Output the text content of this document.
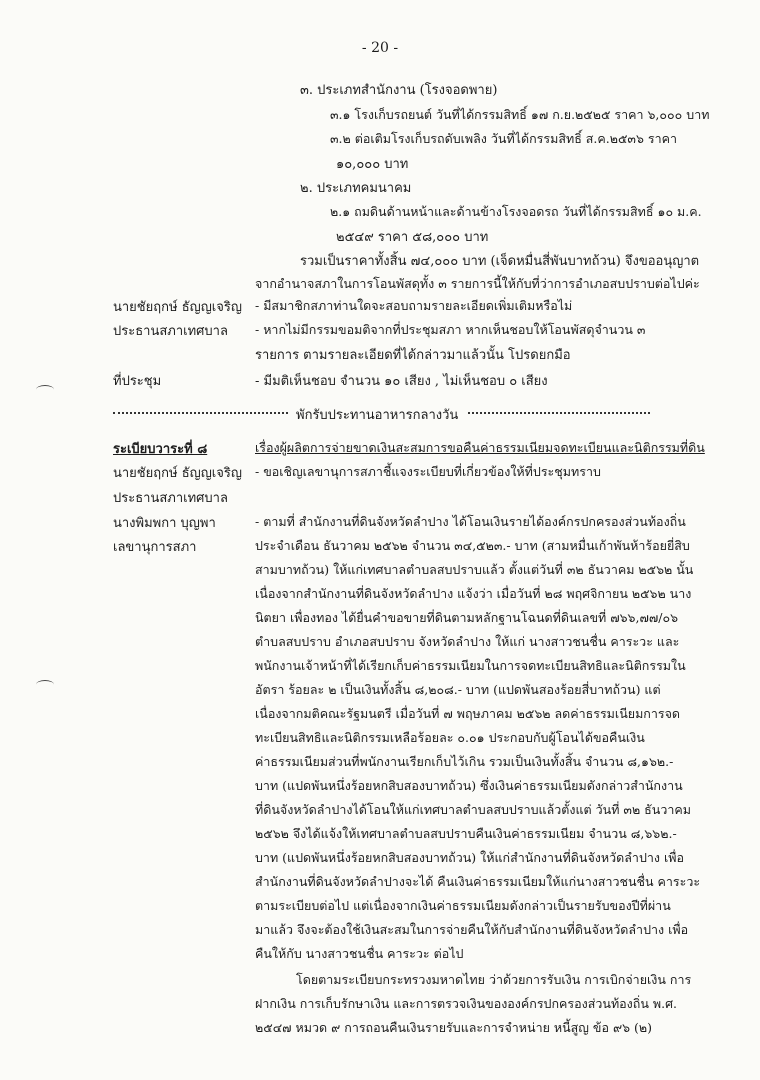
- 20 -
๓. ประเภทสำนักงาน (โรงจอดพาย)
๓.๑ โรงเก็บรถยนต์ วันที่ได้กรรมสิทธิ์ ๑๗ ก.ย.๒๕๒๕ ราคา ๖,๐๐๐ บาท
๓.๒ ต่อเติมโรงเก็บรถดับเพลิง วันที่ได้กรรมสิทธิ์ ส.ค.๒๕๓๖ ราคา
๑๐,๐๐๐ บาท
๒. ประเภทคมนาคม
๒.๑ ถมดินด้านหน้าและด้านข้างโรงจอดรถ วันที่ได้กรรมสิทธิ์ ๑๐ ม.ค.
๒๕๔๙ ราคา ๕๘,๐๐๐ บาท
รวมเป็นราคาทั้งสิ้น ๗๔,๐๐๐ บาท (เจ็ดหมื่นสี่พันบาทถ้วน) จึงขออนุญาต
จากอำนาจสภาในการโอนพัสดุทั้ง ๓ รายการนี้ให้กับที่ว่าการอำเภอสบปราบต่อไปค่ะ
นายชัยฤกษ์ ธัญญเจริญ - มีสมาชิกสภาท่านใดจะสอบถามรายละเอียดเพิ่มเติมหรือไม่
ประธานสภาเทศบาล - หากไม่มีกรรมขอมติจากที่ประชุมสภา หากเห็นชอบให้โอนพัสดุจำนวน ๓
รายการ ตามรายละเอียดที่ได้กล่าวมาแล้วนั้น โปรดยกมือ
ที่ประชุม	- มีมติเห็นชอบ จำนวน ๑๐ เสียง , ไม่เห็นชอบ ๐ เสียง
พักรับประทานอาหารกลางวัน
ระเบียบวาระที่ ๘	เรื่องผู้ผลิตการจ่ายขาดเงินสะสมการขอคืนค่าธรรมเนียมจดทะเบียนและนิติกรรมที่ดิน
นายชัยฤกษ์ ธัญญเจริญ - ขอเชิญเลขานุการสภาชี้แจงระเบียบที่เกี่ยวข้องให้ที่ประชุมทราบ
ประธานสภาเทศบาล
นางพิมพกา บุญพา
เลขานุการสภา
- ตามที่ สำนักงานที่ดินจังหวัดลำปาง ได้โอนเงินรายได้องค์กรปกครองส่วนท้องถิ่น
ประจำเดือน ธันวาคม ๒๕๖๒ จำนวน ๓๔,๕๒๓.- บาท (สามหมื่นเก้าพันห้าร้อยยี่สิบ
สามบาทถ้วน) ให้แก่เทศบาลตำบลสบปราบแล้ว ตั้งแต่วันที่ ๓๒ ธันวาคม ๒๕๖๒ นั้น
เนื่องจากสำนักงานที่ดินจังหวัดลำปาง แจ้งว่า เมื่อวันที่ ๒๘ พฤศจิกายน ๒๕๖๒ นาง
นิตยา เพื่องทอง ได้ยื่นคำขอขายที่ดินตามหลักฐานโฉนดที่ดินเลขที่ ๗๖๖,๗๗/๐๖
ตำบลสบปราบ อำเภอสบปราบ จังหวัดลำปาง ให้แก่ นางสาวชนชื่น คาระวะ และ
พนักงานเจ้าหน้าที่ได้เรียกเก็บค่าธรรมเนียมในการจดทะเบียนสิทธิและนิติกรรมใน
อัตรา ร้อยละ ๒ เป็นเงินทั้งสิ้น ๘,๒๐๘.- บาท (แปดพันสองร้อยสี่บาทถ้วน) แต่
เนื่องจากมติคณะรัฐมนตรี เมื่อวันที่ ๗ พฤษภาคม ๒๕๖๒ ลดค่าธรรมเนียมการจด
ทะเบียนสิทธิและนิติกรรมเหลือร้อยละ ๐.๐๑ ประกอบกับผู้โอนได้ขอคืนเงิน
ค่าธรรมเนียมส่วนที่พนักงานเรียกเก็บไว้เกิน รวมเป็นเงินทั้งสิ้น จำนวน ๘,๑๖๒.-
บาท (แปดพันหนึ่งร้อยหกสิบสองบาทถ้วน) ซึ่งเงินค่าธรรมเนียมดังกล่าวสำนักงาน
ที่ดินจังหวัดลำปางได้โอนให้แก่เทศบาลตำบลสบปราบแล้วตั้งแต่ วันที่ ๓๒ ธันวาคม
๒๕๖๒ จึงได้แจ้งให้เทศบาลตำบลสบปราบคืนเงินค่าธรรมเนียม จำนวน ๘,๖๖๒.-
บาท (แปดพันหนึ่งร้อยหกสิบสองบาทถ้วน) ให้แก่สำนักงานที่ดินจังหวัดลำปาง เพื่อ
สำนักงานที่ดินจังหวัดลำปางจะได้ คืนเงินค่าธรรมเนียมให้แก่นางสาวชนชื่น คาระวะ
ตามระเบียบต่อไป แต่เนื่องจากเงินค่าธรรมเนียมดังกล่าวเป็นรายรับของปีที่ผ่าน
มาแล้ว จึงจะต้องใช้เงินสะสมในการจ่ายคืนให้กับสำนักงานที่ดินจังหวัดลำปาง เพื่อ
คืนให้กับ นางสาวชนชื่น คาระวะ ต่อไป
โดยตามระเบียบกระทรวงมหาดไทย ว่าด้วยการรับเงิน การเบิกจ่ายเงิน การ
ฝากเงิน การเก็บรักษาเงิน และการตรวจเงินขององค์กรปกครองส่วนท้องถิ่น พ.ศ.
๒๕๔๗ หมวด ๙ การถอนคืนเงินรายรับและการจำหน่าย หนี้สูญ ข้อ ๙๖ (๒)
